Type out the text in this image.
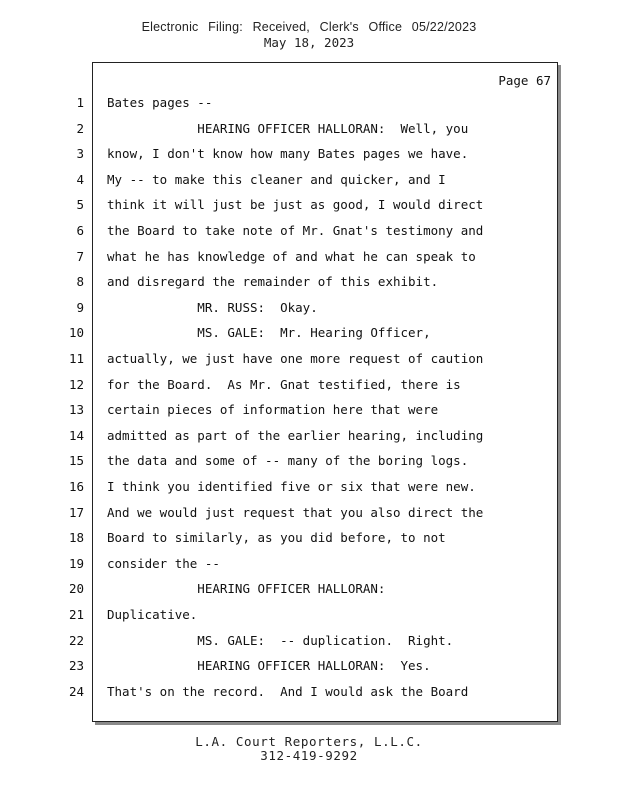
Electronic Filing: Received, Clerk's Office 05/22/2023
May 18, 2023
Page 67
1 Bates pages --
2 HEARING OFFICER HALLORAN:  Well, you
3 know, I don't know how many Bates pages we have.
4 My -- to make this cleaner and quicker, and I
5 think it will just be just as good, I would direct
6 the Board to take note of Mr. Gnat's testimony and
7 what he has knowledge of and what he can speak to
8 and disregard the remainder of this exhibit.
9 MR. RUSS:  Okay.
10 MS. GALE:  Mr. Hearing Officer,
11 actually, we just have one more request of caution
12 for the Board.  As Mr. Gnat testified, there is
13 certain pieces of information here that were
14 admitted as part of the earlier hearing, including
15 the data and some of -- many of the boring logs.
16 I think you identified five or six that were new.
17 And we would just request that you also direct the
18 Board to similarly, as you did before, to not
19 consider the --
20 HEARING OFFICER HALLORAN:
21 Duplicative.
22 MS. GALE:  -- duplication.  Right.
23 HEARING OFFICER HALLORAN:  Yes.
24 That's on the record.  And I would ask the Board
L.A. Court Reporters, L.L.C.
312-419-9292
